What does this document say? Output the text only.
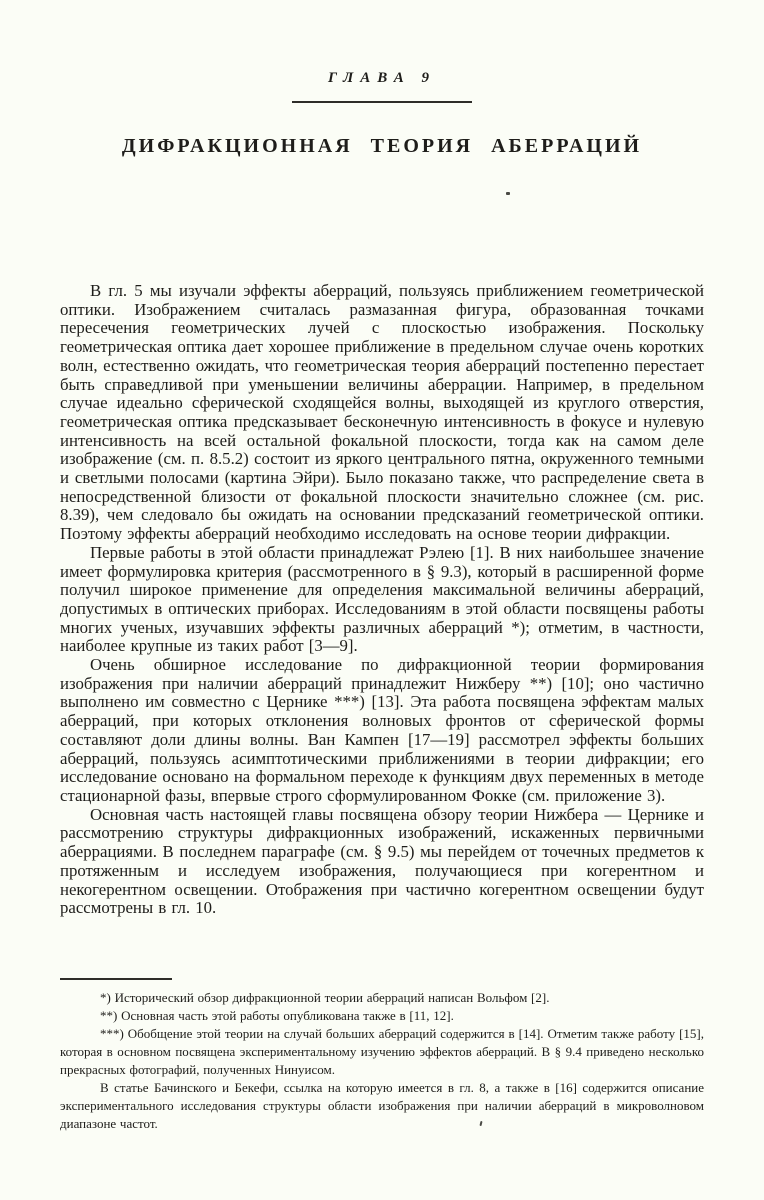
ГЛАВА 9
ДИФРАКЦИОННАЯ ТЕОРИЯ АБЕРРАЦИЙ

В гл. 5 мы изучали эффекты аберраций, пользуясь приближением геометрической оптики. Изображением считалась размазанная фигура, образованная точками пересечения геометрических лучей с плоскостью изображения. Поскольку геометрическая оптика дает хорошее приближение в предельном случае очень коротких волн, естественно ожидать, что геометрическая теория аберраций постепенно перестает быть справедливой при уменьшении величины аберрации. Например, в предельном случае идеально сферической сходящейся волны, выходящей из круглого отверстия, геометрическая оптика предсказывает бесконечную интенсивность в фокусе и нулевую интенсивность на всей остальной фокальной плоскости, тогда как на самом деле изображение (см. п. 8.5.2) состоит из яркого центрального пятна, окруженного темными и светлыми полосами (картина Эйри). Было показано также, что распределение света в непосредственной близости от фокальной плоскости значительно сложнее (см. рис. 8.39), чем следовало бы ожидать на основании предсказаний геометрической оптики. Поэтому эффекты аберраций необходимо исследовать на основе теории дифракции.

Первые работы в этой области принадлежат Рэлею [1]. В них наибольшее значение имеет формулировка критерия (рассмотренного в § 9.3), который в расширенной форме получил широкое применение для определения максимальной величины аберраций, допустимых в оптических приборах. Исследованиям в этой области посвящены работы многих ученых, изучавших эффекты различных аберраций *); отметим, в частности, наиболее крупные из таких работ [3—9].

Очень обширное исследование по дифракционной теории формирования изображения при наличии аберраций принадлежит Нижберу **) [10]; оно частично выполнено им совместно с Цернике ***) [13]. Эта работа посвящена эффектам малых аберраций, при которых отклонения волновых фронтов от сферической формы составляют доли длины волны. Ван Кампен [17—19] рассмотрел эффекты больших аберраций, пользуясь асимптотическими приближениями в теории дифракции; его исследование основано на формальном переходе к функциям двух переменных в методе стационарной фазы, впервые строго сформулированном Фокке (см. приложение 3).

Основная часть настоящей главы посвящена обзору теории Нижбера — Цернике и рассмотрению структуры дифракционных изображений, искаженных первичными аберрациями. В последнем параграфе (см. § 9.5) мы перейдем от точечных предметов к протяженным и исследуем изображения, получающиеся при когерентном и некогерентном освещении. Отображения при частично когерентном освещении будут рассмотрены в гл. 10.

*) Исторический обзор дифракционной теории аберраций написан Вольфом [2].

**) Основная часть этой работы опубликована также в [11, 12].

***) Обобщение этой теории на случай больших аберраций содержится в [14]. Отметим также работу [15], которая в основном посвящена экспериментальному изучению эффектов аберраций. В § 9.4 приведено несколько прекрасных фотографий, полученных Нинуисом.

В статье Бачинского и Бекефи, ссылка на которую имеется в гл. 8, а также в [16] содержится описание экспериментального исследования структуры области изображения при наличии аберраций в микроволновом диапазоне частот.
